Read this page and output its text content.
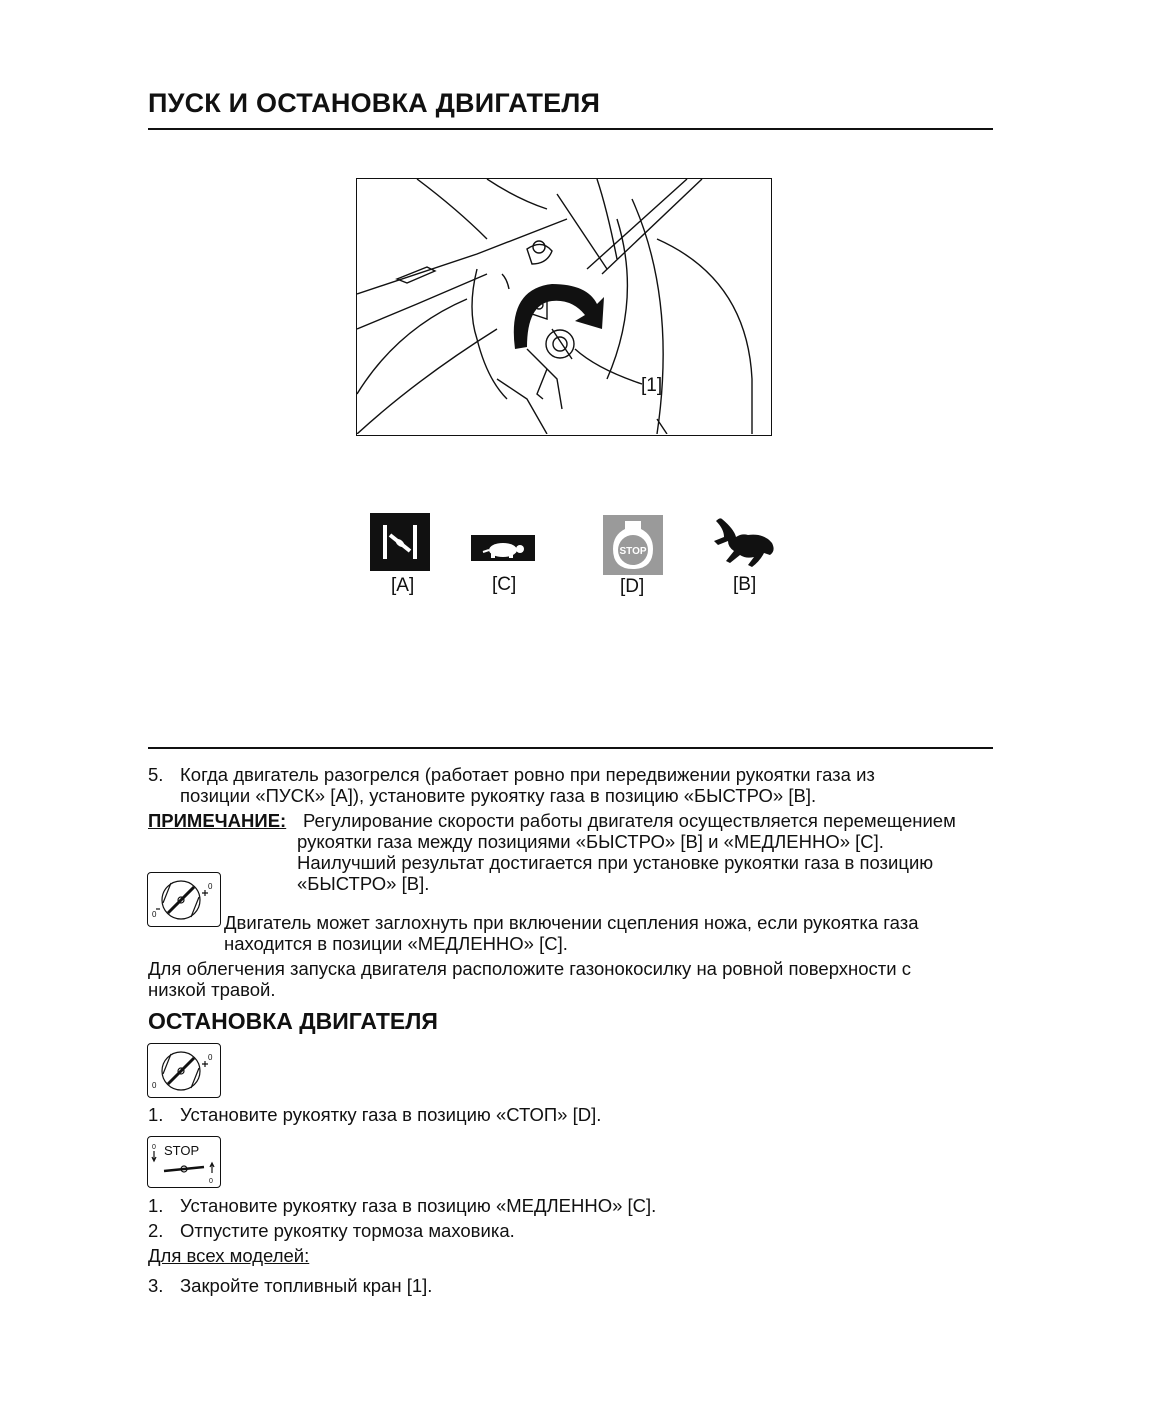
ПУСК И ОСТАНОВКА ДВИГАТЕЛЯ
[1]
STOP
[A]	[C]	[D]	[B]
5. Когда двигатель разогрелся (работает ровно при передвижении рукоятки газа из
позиции «ПУСК» [A]), установите рукоятку газа в позицию «БЫСТРО» [B].
ПРИМЕЧАНИЕ: Регулирование скорости работы двигателя осуществляется перемещением
рукоятки газа между позициями «БЫСТРО» [B] и «МЕДЛЕННО» [C].
Наилучший результат достигается при установке рукоятки газа в позицию
«БЫСТРО» [B].
0
0	Двигатель может заглохнуть при включении сцепления ножа, если рукоятка газа
находится в позиции «МЕДЛЕННО» [C].
Для облегчения запуска двигателя расположите газонокосилку на ровной поверхности с
низкой травой.
ОСТАНОВКА ДВИГАТЕЛЯ
0
0
1. Установите рукоятку газа в позицию «СТОП» [D].
STOP
0
0
1. Установите рукоятку газа в позицию «МЕДЛЕННО» [C].
2. Отпустите рукоятку тормоза маховика.
Для всех моделей:
3. Закройте топливный кран [1].
